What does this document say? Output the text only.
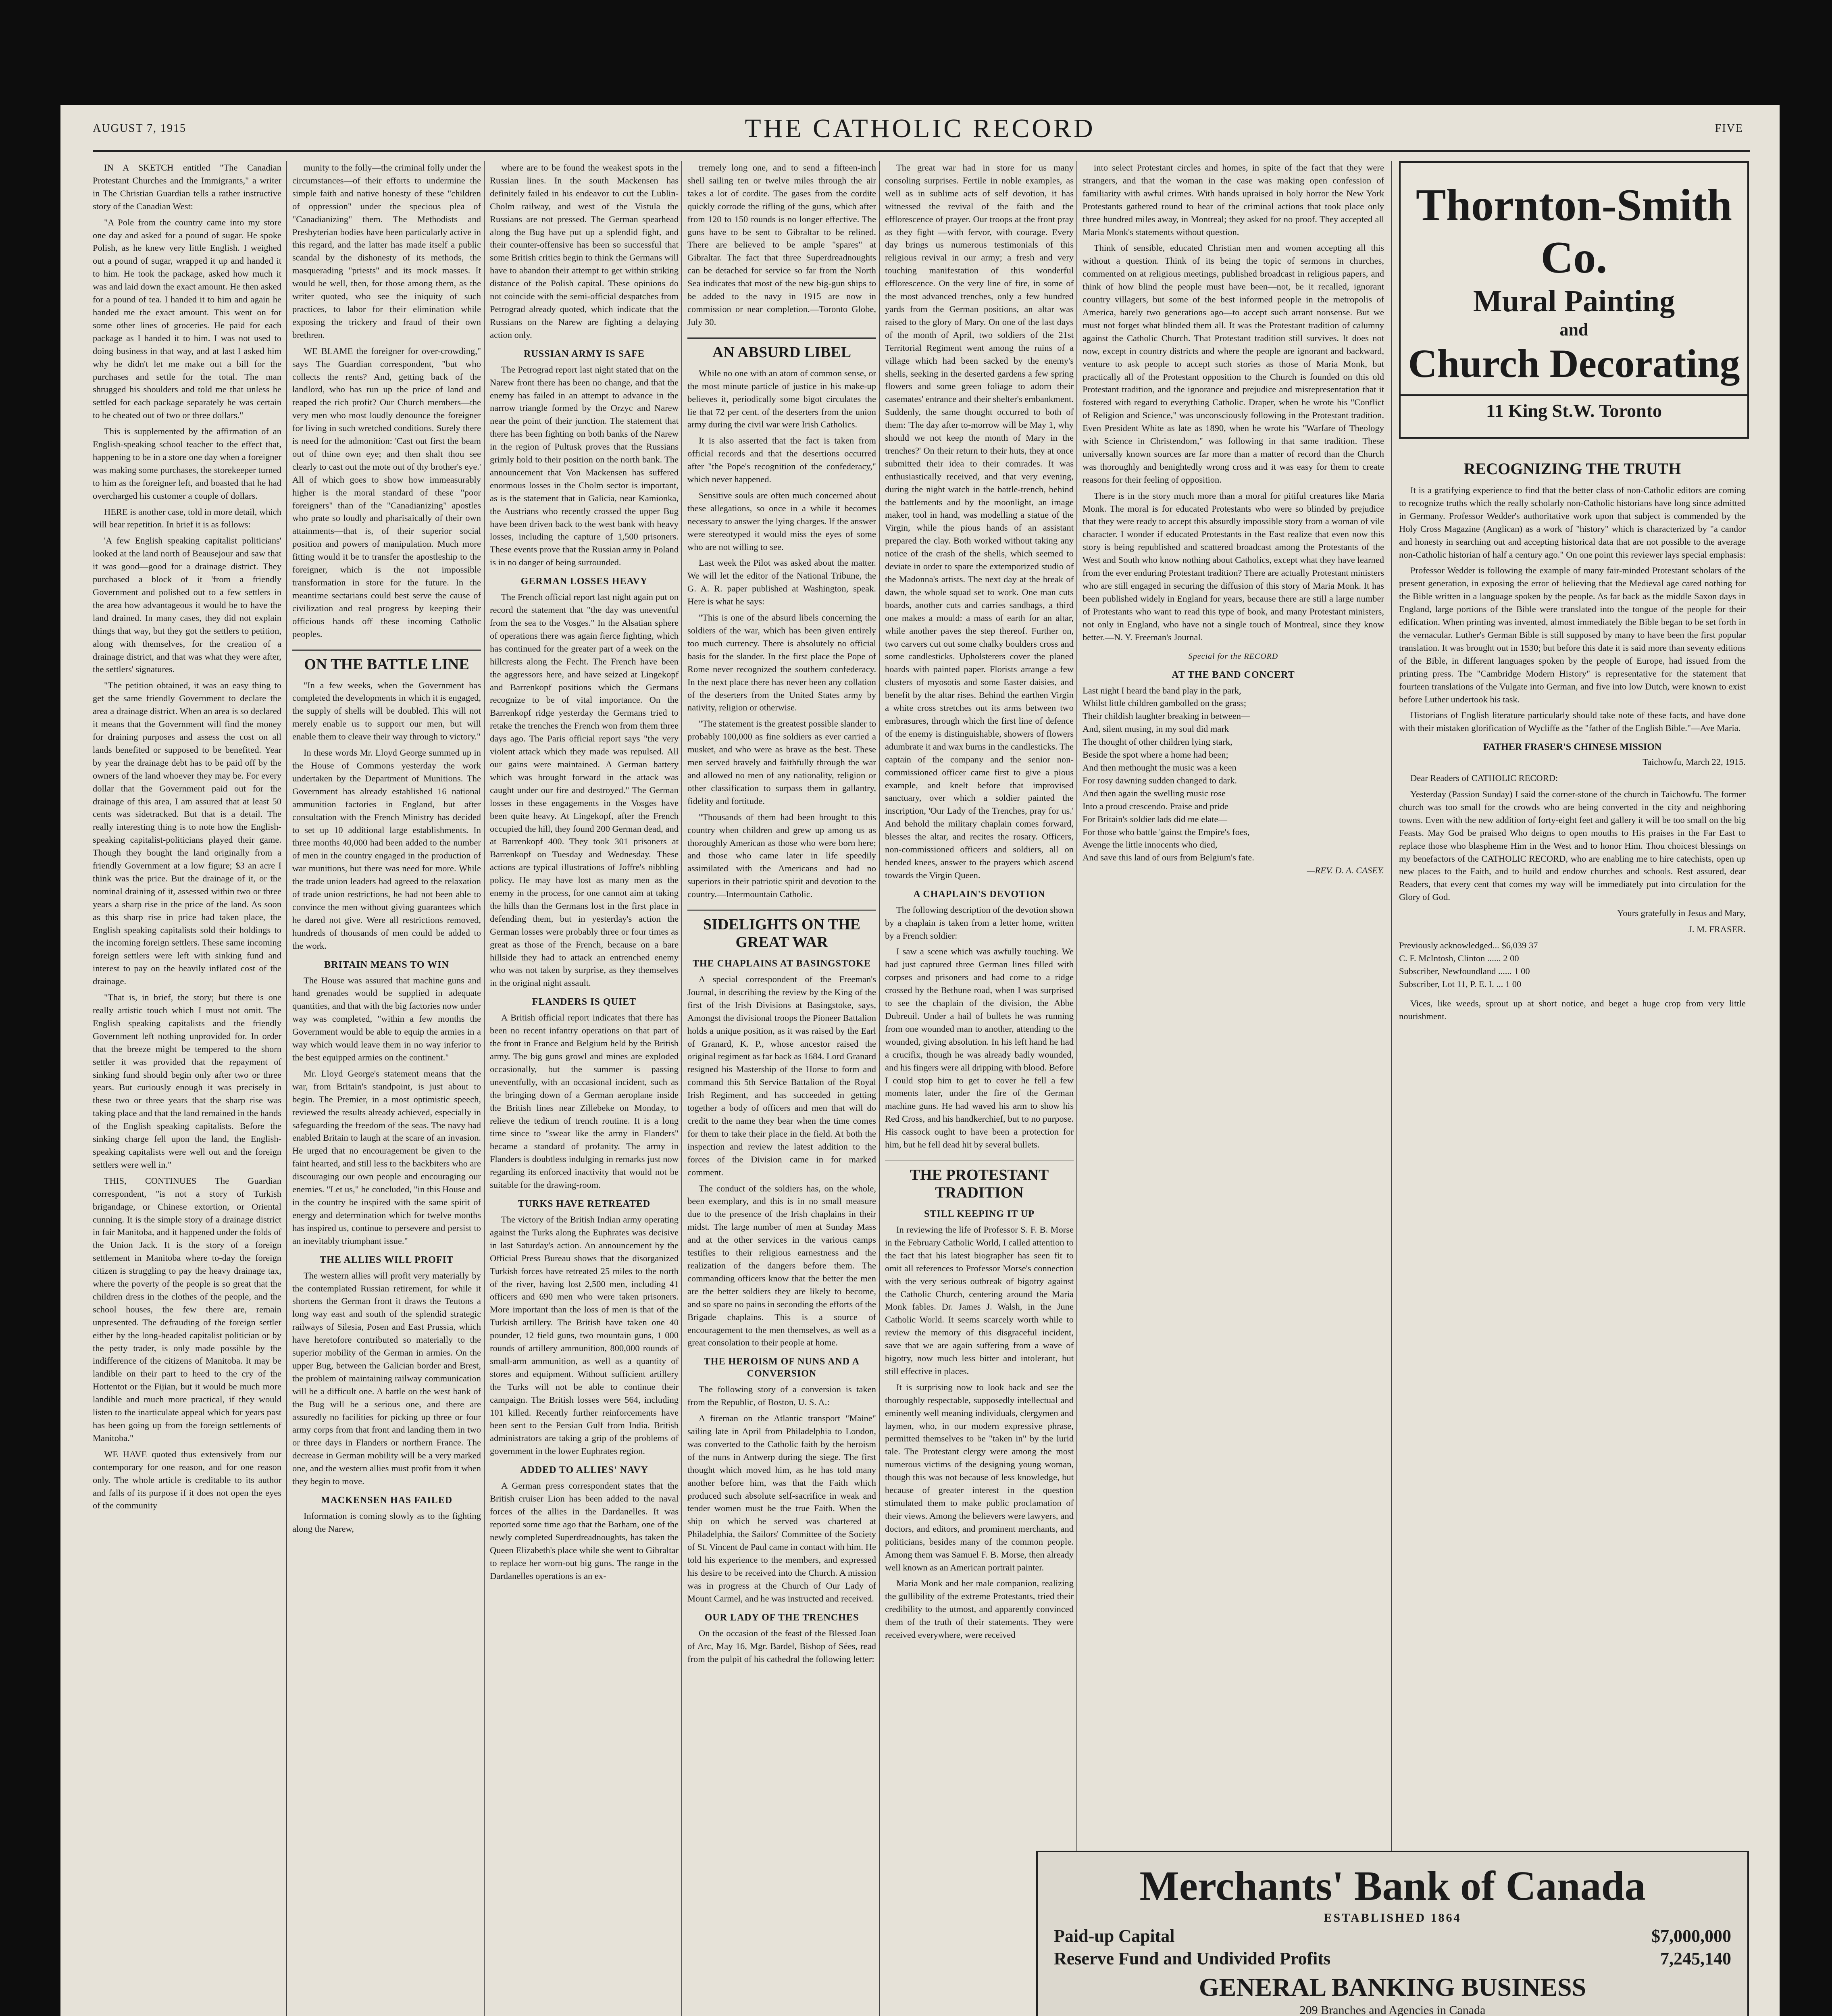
AUGUST 7, 1915	THE CATHOLIC RECORD	FIVE

IN A SKETCH entitled "The Canadian Protestant Churches and the Immigrants," a writer in The Christian Guardian tells a rather instructive story of the Canadian West:

"A Pole from the country came into my store one day and asked for a pound of sugar. He spoke Polish, as he knew very little English. I weighed out a pound of sugar, wrapped it up and handed it to him. He took the package, asked how much it was and laid down the exact amount. He then asked for a pound of tea. I handed it to him and again he handed me the exact amount. This went on for some other lines of groceries. He paid for each package as I handed it to him. I was not used to doing business in that way, and at last I asked him why he didn't let me make out a bill for the purchases and settle for the total. The man shrugged his shoulders and told me that unless he settled for each package separately he was certain to be cheated out of two or three dollars."

This is supplemented by the affirmation of an English-speaking school teacher to the effect that, happening to be in a store one day when a foreigner was making some purchases, the storekeeper turned to him as the foreigner left, and boasted that he had overcharged his customer a couple of dollars.

HERE is another case, told in more detail, which will bear repetition. In brief it is as follows:

'A few English speaking capitalist politicians' looked at the land north of Beausejour and saw that it was good—good for a drainage district. They purchased a block of it 'from a friendly Government and polished out to a few settlers in the area how advantageous it would be to have the land drained. In many cases, they did not explain things that way, but they got the settlers to petition, along with themselves, for the creation of a drainage district, and that was what they were after, the settlers' signatures.

"The petition obtained, it was an easy thing to get the same friendly Government to declare the area a drainage district. When an area is so declared it means that the Government will find the money for draining purposes and assess the cost on all lands benefited or supposed to be benefited. Year by year the drainage debt has to be paid off by the owners of the land whoever they may be. For every dollar that the Government paid out for the drainage of this area, I am assured that at least 50 cents was sidetracked. But that is a detail. The really interesting thing is to note how the English-speaking capitalist-politicians played their game. Though they bought the land originally from a friendly Government at a low figure; $3 an acre I think was the price. But the drainage of it, or the nominal draining of it, assessed within two or three years a sharp rise in the price of the land. As soon as this sharp rise in price had taken place, the English speaking capitalists sold their holdings to the incoming foreign settlers. These same incoming foreign settlers were left with sinking fund and interest to pay on the heavily inflated cost of the drainage.

"That is, in brief, the story; but there is one really artistic touch which I must not omit. The English speaking capitalists and the friendly Government left nothing unprovided for. In order that the breeze might be tempered to the shorn settler it was provided that the repayment of sinking fund should begin only after two or three years. But curiously enough it was precisely in these two or three years that the sharp rise was taking place and that the land remained in the hands of the English speaking capitalists. Before the sinking charge fell upon the land, the English-speaking capitalists were well out and the foreign settlers were well in."

THIS, CONTINUES The Guardian correspondent, "is not a story of Turkish brigandage, or Chinese extortion, or Oriental cunning. It is the simple story of a drainage district in fair Manitoba, and it happened under the folds of the Union Jack. It is the story of a foreign settlement in Manitoba where to-day the foreign citizen is struggling to pay the heavy drainage tax, where the poverty of the people is so great that the children dress in the clothes of the people, and the school houses, the few there are, remain unpresented. The defrauding of the foreign settler either by the long-headed capitalist politician or by the petty trader, is only made possible by the indifference of the citizens of Manitoba. It may be landible on their part to heed to the cry of the Hottentot or the Fijian, but it would be much more landible and much more practical, if they would listen to the inarticulate appeal which for years past has been going up from the foreign settlements of Manitoba."

WE HAVE quoted thus extensively from our contemporary for one reason, and for one reason only. The whole article is creditable to its author and falls of its purpose if it does not open the eyes of the community

munity to the folly—the criminal folly under the circumstances—of their efforts to undermine the simple faith and native honesty of these "children of oppression" under the specious plea of "Canadianizing" them. The Methodists and Presbyterian bodies have been particularly active in this regard, and the latter has made itself a public scandal by the dishonesty of its methods, the masquerading "priests" and its mock masses. It would be well, then, for those among them, as the writer quoted, who see the iniquity of such practices, to labor for their elimination while exposing the trickery and fraud of their own brethren.

WE BLAME the foreigner for over-crowding," says The Guardian correspondent, "but who collects the rents? And, getting back of the landlord, who has run up the price of land and reaped the rich profit? Our Church members—the very men who most loudly denounce the foreigner for living in such wretched conditions. Surely there is need for the admonition: 'Cast out first the beam out of thine own eye; and then shalt thou see clearly to cast out the mote out of thy brother's eye.' All of which goes to show how immeasurably higher is the moral standard of these "poor foreigners" than of the "Canadianizing" apostles who prate so loudly and pharisaically of their own attainments—that is, of their superior social position and powers of manipulation. Much more fitting would it be to transfer the apostleship to the foreigner, which is the not impossible transformation in store for the future. In the meantime sectarians could best serve the cause of civilization and real progress by keeping their officious hands off these incoming Catholic peoples.

ON THE BATTLE LINE

"In a few weeks, when the Government has completed the developments in which it is engaged, the supply of shells will be doubled. This will not merely enable us to support our men, but will enable them to cleave their way through to victory."

In these words Mr. Lloyd George summed up in the House of Commons yesterday the work undertaken by the Department of Munitions. The Government has already established 16 national ammunition factories in England, but after consultation with the French Ministry has decided to set up 10 additional large establishments. In three months 40,000 had been added to the number of men in the country engaged in the production of war munitions, but there was need for more. While the trade union leaders had agreed to the relaxation of trade union restrictions, he had not been able to convince the men without giving guarantees which he dared not give. Were all restrictions removed, hundreds of thousands of men could be added to the work.

BRITAIN MEANS TO WIN

The House was assured that machine guns and hand grenades would be supplied in adequate quantities, and that with the big factories now under way was completed, "within a few months the Government would be able to equip the armies in a way which would leave them in no way inferior to the best equipped armies on the continent."

Mr. Lloyd George's statement means that the war, from Britain's standpoint, is just about to begin. The Premier, in a most optimistic speech, reviewed the results already achieved, especially in safeguarding the freedom of the seas. The navy had enabled Britain to laugh at the scare of an invasion. He urged that no encouragement be given to the faint hearted, and still less to the backbiters who are discouraging our own people and encouraging our enemies. "Let us," he concluded, "in this House and in the country be inspired with the same spirit of energy and determination which for twelve months has inspired us, continue to persevere and persist to an inevitably triumphant issue."

THE ALLIES WILL PROFIT

The western allies will profit very materially by the contemplated Russian retirement, for while it shortens the German front it draws the Teutons a long way east and south of the splendid strategic railways of Silesia, Posen and East Prussia, which have heretofore contributed so materially to the superior mobility of the German in armies. On the upper Bug, between the Galician border and Brest, the problem of maintaining railway communication will be a difficult one. A battle on the west bank of the Bug will be a serious one, and there are assuredly no facilities for picking up three or four army corps from that front and landing them in two or three days in Flanders or northern France. The decrease in German mobility will be a very marked one, and the western allies must profit from it when they begin to move.

MACKENSEN HAS FAILED

Information is coming slowly as to the fighting along the Narew,

where are to be found the weakest spots in the Russian lines. In the south Mackensen has definitely failed in his endeavor to cut the Lublin-Cholm railway, and west of the Vistula the Russians are not pressed. The German spearhead along the Bug have put up a splendid fight, and their counter-offensive has been so successful that some British critics begin to think the Germans will have to abandon their attempt to get within striking distance of the Polish capital. These opinions do not coincide with the semi-official despatches from Petrograd already quoted, which indicate that the Russians on the Narew are fighting a delaying action only.

RUSSIAN ARMY IS SAFE

The Petrograd report last night stated that on the Narew front there has been no change, and that the enemy has failed in an attempt to advance in the narrow triangle formed by the Orzyc and Narew near the point of their junction. The statement that there has been fighting on both banks of the Narew in the region of Pultusk proves that the Russians grimly hold to their position on the north bank. The announcement that Von Mackensen has suffered enormous losses in the Cholm sector is important, as is the statement that in Galicia, near Kamionka, the Austrians who recently crossed the upper Bug have been driven back to the west bank with heavy losses, including the capture of 1,500 prisoners. These events prove that the Russian army in Poland is in no danger of being surrounded.

GERMAN LOSSES HEAVY

The French official report last night again put on record the statement that "the day was uneventful from the sea to the Vosges." In the Alsatian sphere of operations there was again fierce fighting, which has continued for the greater part of a week on the hillcrests along the Fecht. The French have been the aggressors here, and have seized at Lingekopf and Barrenkopf positions which the Germans recognize to be of vital importance. On the Barrenkopf ridge yesterday the Germans tried to retake the trenches the French won from them three days ago. The Paris official report says "the very violent attack which they made was repulsed. All our gains were maintained. A German battery which was brought forward in the attack was caught under our fire and destroyed." The German losses in these engagements in the Vosges have been quite heavy. At Lingekopf, after the French occupied the hill, they found 200 German dead, and at Barrenkopf 400. They took 301 prisoners at Barrenkopf on Tuesday and Wednesday. These actions are typical illustrations of Joffre's nibbling policy. He may have lost as many men as the enemy in the process, for one cannot aim at taking the hills than the Germans lost in the first place in defending them, but in yesterday's action the German losses were probably three or four times as great as those of the French, because on a bare hillside they had to attack an entrenched enemy who was not taken by surprise, as they themselves in the original night assault.

FLANDERS IS QUIET

A British official report indicates that there has been no recent infantry operations on that part of the front in France and Belgium held by the British army. The big guns growl and mines are exploded occasionally, but the summer is passing uneventfully, with an occasional incident, such as the bringing down of a German aeroplane inside the British lines near Zillebeke on Monday, to relieve the tedium of trench routine. It is a long time since to "swear like the army in Flanders" became a standard of profanity. The army in Flanders is doubtless indulging in remarks just now regarding its enforced inactivity that would not be suitable for the drawing-room.

TURKS HAVE RETREATED

The victory of the British Indian army operating against the Turks along the Euphrates was decisive in last Saturday's action. An announcement by the Official Press Bureau shows that the disorganized Turkish forces have retreated 25 miles to the north of the river, having lost 2,500 men, including 41 officers and 690 men who were taken prisoners. More important than the loss of men is that of the Turkish artillery. The British have taken one 40 pounder, 12 field guns, two mountain guns, 1 000 rounds of artillery ammunition, 800,000 rounds of small-arm ammunition, as well as a quantity of stores and equipment. Without sufficient artillery the Turks will not be able to continue their campaign. The British losses were 564, including 101 killed. Recently further reinforcements have been sent to the Persian Gulf from India. British administrators are taking a grip of the problems of government in the lower Euphrates region.

ADDED TO ALLIES' NAVY

A German press correspondent states that the British cruiser Lion has been added to the naval forces of the allies in the Dardanelles. It was reported some time ago that the Barham, one of the newly completed Superdreadnoughts, has taken the Queen Elizabeth's place while she went to Gibraltar to replace her worn-out big guns. The range in the Dardanelles operations is an ex-

tremely long one, and to send a fifteen-inch shell sailing ten or twelve miles through the air takes a lot of cordite. The gases from the cordite quickly corrode the rifling of the guns, which after from 120 to 150 rounds is no longer effective. The guns have to be sent to Gibraltar to be relined. There are believed to be ample "spares" at Gibraltar. The fact that three Superdreadnoughts can be detached for service so far from the North Sea indicates that most of the new big-gun ships to be added to the navy in 1915 are now in commission or near completion.—Toronto Globe, July 30.

AN ABSURD LIBEL

While no one with an atom of common sense, or the most minute particle of justice in his make-up believes it, periodically some bigot circulates the lie that 72 per cent. of the deserters from the union army during the civil war were Irish Catholics.

It is also asserted that the fact is taken from official records and that the desertions occurred after "the Pope's recognition of the confederacy," which never happened.

Sensitive souls are often much concerned about these allegations, so once in a while it becomes necessary to answer the lying charges. If the answer were stereotyped it would miss the eyes of some who are not willing to see.

Last week the Pilot was asked about the matter. We will let the editor of the National Tribune, the G. A. R. paper published at Washington, speak. Here is what he says:

"This is one of the absurd libels concerning the soldiers of the war, which has been given entirely too much currency. There is absolutely no official basis for the slander. In the first place the Pope of Rome never recognized the southern confederacy. In the next place there has never been any collation of the deserters from the United States army by nativity, religion or otherwise.

"The statement is the greatest possible slander to probably 100,000 as fine soldiers as ever carried a musket, and who were as brave as the best. These men served bravely and faithfully through the war and allowed no men of any nationality, religion or other classification to surpass them in gallantry, fidelity and fortitude.

"Thousands of them had been brought to this country when children and grew up among us as thoroughly American as those who were born here; and those who came later in life speedily assimilated with the Americans and had no superiors in their patriotic spirit and devotion to the country.—Intermountain Catholic.

SIDELIGHTS ON THE GREAT WAR
THE CHAPLAINS AT BASINGSTOKE

A special correspondent of the Freeman's Journal, in describing the review by the King of the first of the Irish Divisions at Basingstoke, says, Amongst the divisional troops the Pioneer Battalion holds a unique position, as it was raised by the Earl of Granard, K. P., whose ancestor raised the original regiment as far back as 1684. Lord Granard resigned his Mastership of the Horse to form and command this 5th Service Battalion of the Royal Irish Regiment, and has succeeded in getting together a body of officers and men that will do credit to the name they bear when the time comes for them to take their place in the field. At both the inspection and review the latest addition to the forces of the Division came in for marked comment.

The conduct of the soldiers has, on the whole, been exemplary, and this is in no small measure due to the presence of the Irish chaplains in their midst. The large number of men at Sunday Mass and at the other services in the various camps testifies to their religious earnestness and the realization of the dangers before them. The commanding officers know that the better the men are the better soldiers they are likely to become, and so spare no pains in seconding the efforts of the Brigade chaplains. This is a source of encouragement to the men themselves, as well as a great consolation to their people at home.

THE HEROISM OF NUNS AND A CONVERSION

The following story of a conversion is taken from the Republic, of Boston, U. S. A.:

A fireman on the Atlantic transport "Maine" sailing late in April from Philadelphia to London, was converted to the Catholic faith by the heroism of the nuns in Antwerp during the siege. The first thought which moved him, as he has told many another before him, was that the Faith which produced such absolute self-sacrifice in weak and tender women must be the true Faith. When the ship on which he served was chartered at Philadelphia, the Sailors' Committee of the Society of St. Vincent de Paul came in contact with him. He told his experience to the members, and expressed his desire to be received into the Church. A mission was in progress at the Church of Our Lady of Mount Carmel, and he was instructed and received.

OUR LADY OF THE TRENCHES

On the occasion of the feast of the Blessed Joan of Arc, May 16, Mgr. Bardel, Bishop of Sées, read from the pulpit of his cathedral the following letter:

The great war had in store for us many consoling surprises. Fertile in noble examples, as well as in sublime acts of self devotion, it has witnessed the revival of the faith and the efflorescence of prayer. Our troops at the front pray as they fight —with fervor, with courage. Every day brings us numerous testimonials of this religious revival in our army; a fresh and very touching manifestation of this wonderful efflorescence. On the very line of fire, in some of the most advanced trenches, only a few hundred yards from the German positions, an altar was raised to the glory of Mary. On one of the last days of the month of April, two soldiers of the 21st Territorial Regiment went among the ruins of a village which had been sacked by the enemy's shells, seeking in the deserted gardens a few spring flowers and some green foliage to adorn their casemates' entrance and their shelter's embankment. Suddenly, the same thought occurred to both of them: 'The day after to-morrow will be May 1, why should we not keep the month of Mary in the trenches?' On their return to their huts, they at once submitted their idea to their comrades. It was enthusiastically received, and that very evening, during the night watch in the battle-trench, behind the battlements and by the moonlight, an image maker, tool in hand, was modelling a statue of the Virgin, while the pious hands of an assistant prepared the clay. Both worked without taking any notice of the crash of the shells, which seemed to deviate in order to spare the extemporized studio of the Madonna's artists. The next day at the break of dawn, the whole squad set to work. One man cuts boards, another cuts and carries sandbags, a third one makes a mould: a mass of earth for an altar, while another paves the step thereof. Further on, two carvers cut out some chalky boulders cross and some candlesticks. Upholsterers cover the planed boards with painted paper. Florists arrange a few clusters of myosotis and some Easter daisies, and benefit by the altar rises. Behind the earthen Virgin a white cross stretches out its arms between two embrasures, through which the first line of defence of the enemy is distinguishable, showers of flowers adumbrate it and wax burns in the candlesticks. The captain of the company and the senior non-commissioned officer came first to give a pious example, and knelt before that improvised sanctuary, over which a soldier painted the inscription, 'Our Lady of the Trenches, pray for us.' And behold the military chaplain comes forward, blesses the altar, and recites the rosary. Officers, non-commissioned officers and soldiers, all on bended knees, answer to the prayers which ascend towards the Virgin Queen.

A CHAPLAIN'S DEVOTION

The following description of the devotion shown by a chaplain is taken from a letter home, written by a French soldier:

I saw a scene which was awfully touching. We had just captured three German lines filled with corpses and prisoners and had come to a ridge crossed by the Bethune road, when I was surprised to see the chaplain of the division, the Abbe Dubreuil. Under a hail of bullets he was running from one wounded man to another, attending to the wounded, giving absolution. In his left hand he had a crucifix, though he was already badly wounded, and his fingers were all dripping with blood. Before I could stop him to get to cover he fell a few moments later, under the fire of the German machine guns. He had waved his arm to show his Red Cross, and his handkerchief, but to no purpose. His cassock ought to have been a protection for him, but he fell dead hit by several bullets.

THE PROTESTANT TRADITION
STILL KEEPING IT UP

In reviewing the life of Professor S. F. B. Morse in the February Catholic World, I called attention to the fact that his latest biographer has seen fit to omit all references to Professor Morse's connection with the very serious outbreak of bigotry against the Catholic Church, centering around the Maria Monk fables. Dr. James J. Walsh, in the June Catholic World. It seems scarcely worth while to review the memory of this disgraceful incident, save that we are again suffering from a wave of bigotry, now much less bitter and intolerant, but still effective in places.

It is surprising now to look back and see the thoroughly respectable, supposedly intellectual and eminently well meaning individuals, clergymen and laymen, who, in our modern expressive phrase, permitted themselves to be "taken in" by the lurid tale. The Protestant clergy were among the most numerous victims of the designing young woman, though this was not because of less knowledge, but because of greater interest in the question stimulated them to make public proclamation of their views. Among the believers were lawyers, and doctors, and editors, and prominent merchants, and politicians, besides many of the common people. Among them was Samuel F. B. Morse, then already well known as an American portrait painter.

Maria Monk and her male companion, realizing the gullibility of the extreme Protestants, tried their credibility to the utmost, and apparently convinced them of the truth of their statements. They were received everywhere, were received

into select Protestant circles and homes, in spite of the fact that they were strangers, and that the woman in the case was making open confession of familiarity with awful crimes. With hands upraised in holy horror the New York Protestants gathered round to hear of the criminal actions that took place only three hundred miles away, in Montreal; they asked for no proof. They accepted all Maria Monk's statements without question.

Think of sensible, educated Christian men and women accepting all this without a question. Think of its being the topic of sermons in churches, commented on at religious meetings, published broadcast in religious papers, and think of how blind the people must have been—not, be it recalled, ignorant country villagers, but some of the best informed people in the metropolis of America, barely two generations ago—to accept such arrant nonsense. But we must not forget what blinded them all. It was the Protestant tradition of calumny against the Catholic Church. That Protestant tradition still survives. It does not now, except in country districts and where the people are ignorant and backward, venture to ask people to accept such stories as those of Maria Monk, but practically all of the Protestant opposition to the Church is founded on this old Protestant tradition, and the ignorance and prejudice and misrepresentation that it fostered with regard to everything Catholic. Draper, when he wrote his "Conflict of Religion and Science," was unconsciously following in the Protestant tradition. Even President White as late as 1890, when he wrote his "Warfare of Theology with Science in Christendom," was following in that same tradition. These universally known sources are far more than a matter of record than the Church was thoroughly and benightedly wrong cross and it was easy for them to create reasons for their feeling of opposition.

There is in the story much more than a moral for pitiful creatures like Maria Monk. The moral is for educated Protestants who were so blinded by prejudice that they were ready to accept this absurdly impossible story from a woman of vile character. I wonder if educated Protestants in the East realize that even now this story is being republished and scattered broadcast among the Protestants of the West and South who know nothing about Catholics, except what they have learned from the ever enduring Protestant tradition? There are actually Protestant ministers who are still engaged in securing the diffusion of this story of Maria Monk. It has been published widely in England for years, because there are still a large number of Protestants who want to read this type of book, and many Protestant ministers, not only in England, who have not a single touch of Montreal, since they know better.—N. Y. Freeman's Journal.

Special for the RECORD
AT THE BAND CONCERT

Last night I heard the band play in the park,

Whilst little children gambolled on the grass;

Their childish laughter breaking in between—

And, silent musing, in my soul did mark

The thought of other children lying stark,

Beside the spot where a home had been;

And then methought the music was a keen

For rosy dawning sudden changed to dark.

And then again the swelling music rose

Into a proud crescendo. Praise and pride

For Britain's soldier lads did me elate—

For those who battle 'gainst the Empire's foes,

Avenge the little innocents who died,

And save this land of ours from Belgium's fate.

—REV. D. A. CASEY.

Thornton-Smith Co.
Mural Painting
and
Church Decorating
11 King St.W. Toronto
RECOGNIZING THE TRUTH

It is a gratifying experience to find that the better class of non-Catholic editors are coming to recognize truths which the really scholarly non-Catholic historians have long since admitted in Germany. Professor Wedder's authoritative work upon that subject is commended by the Holy Cross Magazine (Anglican) as a work of "history" which is characterized by "a candor and honesty in searching out and accepting historical data that are not possible to the average non-Catholic historian of half a century ago." On one point this reviewer lays special emphasis:

Professor Wedder is following the example of many fair-minded Protestant scholars of the present generation, in exposing the error of believing that the Medieval age cared nothing for the Bible written in a language spoken by the people. As far back as the middle Saxon days in England, large portions of the Bible were translated into the tongue of the people for their edification. When printing was invented, almost immediately the Bible began to be set forth in the vernacular. Luther's German Bible is still supposed by many to have been the first popular translation. It was brought out in 1530; but before this date it is said more than seventy editions of the Bible, in different languages spoken by the people of Europe, had issued from the printing press. The "Cambridge Modern History" is representative for the statement that fourteen translations of the Vulgate into German, and five into low Dutch, were known to exist before Luther undertook his task.

Historians of English literature particularly should take note of these facts, and have done with their mistaken glorification of Wycliffe as the "father of the English Bible."—Ave Maria.

FATHER FRASER'S CHINESE MISSION

Taichowfu, March 22, 1915.

Dear Readers of CATHOLIC RECORD:

Yesterday (Passion Sunday) I said the corner-stone of the church in Taichowfu. The former church was too small for the crowds who are being converted in the city and neighboring towns. Even with the new addition of forty-eight feet and gallery it will be too small on the big Feasts. May God be praised Who deigns to open mouths to His praises in the Far East to replace those who blaspheme Him in the West and to honor Him. Thou choicest blessings on my benefactors of the CATHOLIC RECORD, who are enabling me to hire catechists, open up new places to the Faith, and to build and endow churches and schools. Rest assured, dear Readers, that every cent that comes my way will be immediately put into circulation for the Glory of God.

Yours gratefully in Jesus and Mary,

J. M. FRASER.

Previously acknowledged... $6,039 37

C. F. McIntosh, Clinton ...... 2 00

Subscriber, Newfoundland ...... 1 00

Subscriber, Lot 11, P. E. I. ... 1 00

Vices, like weeds, sprout up at short notice, and beget a huge crop from very little nourishment.

Merchants' Bank of Canada
ESTABLISHED 1864
Paid-up Capital	$7,000,000
Reserve Fund and Undivided Profits	7,245,140
GENERAL BANKING BUSINESS
209 Branches and Agencies in Canada
